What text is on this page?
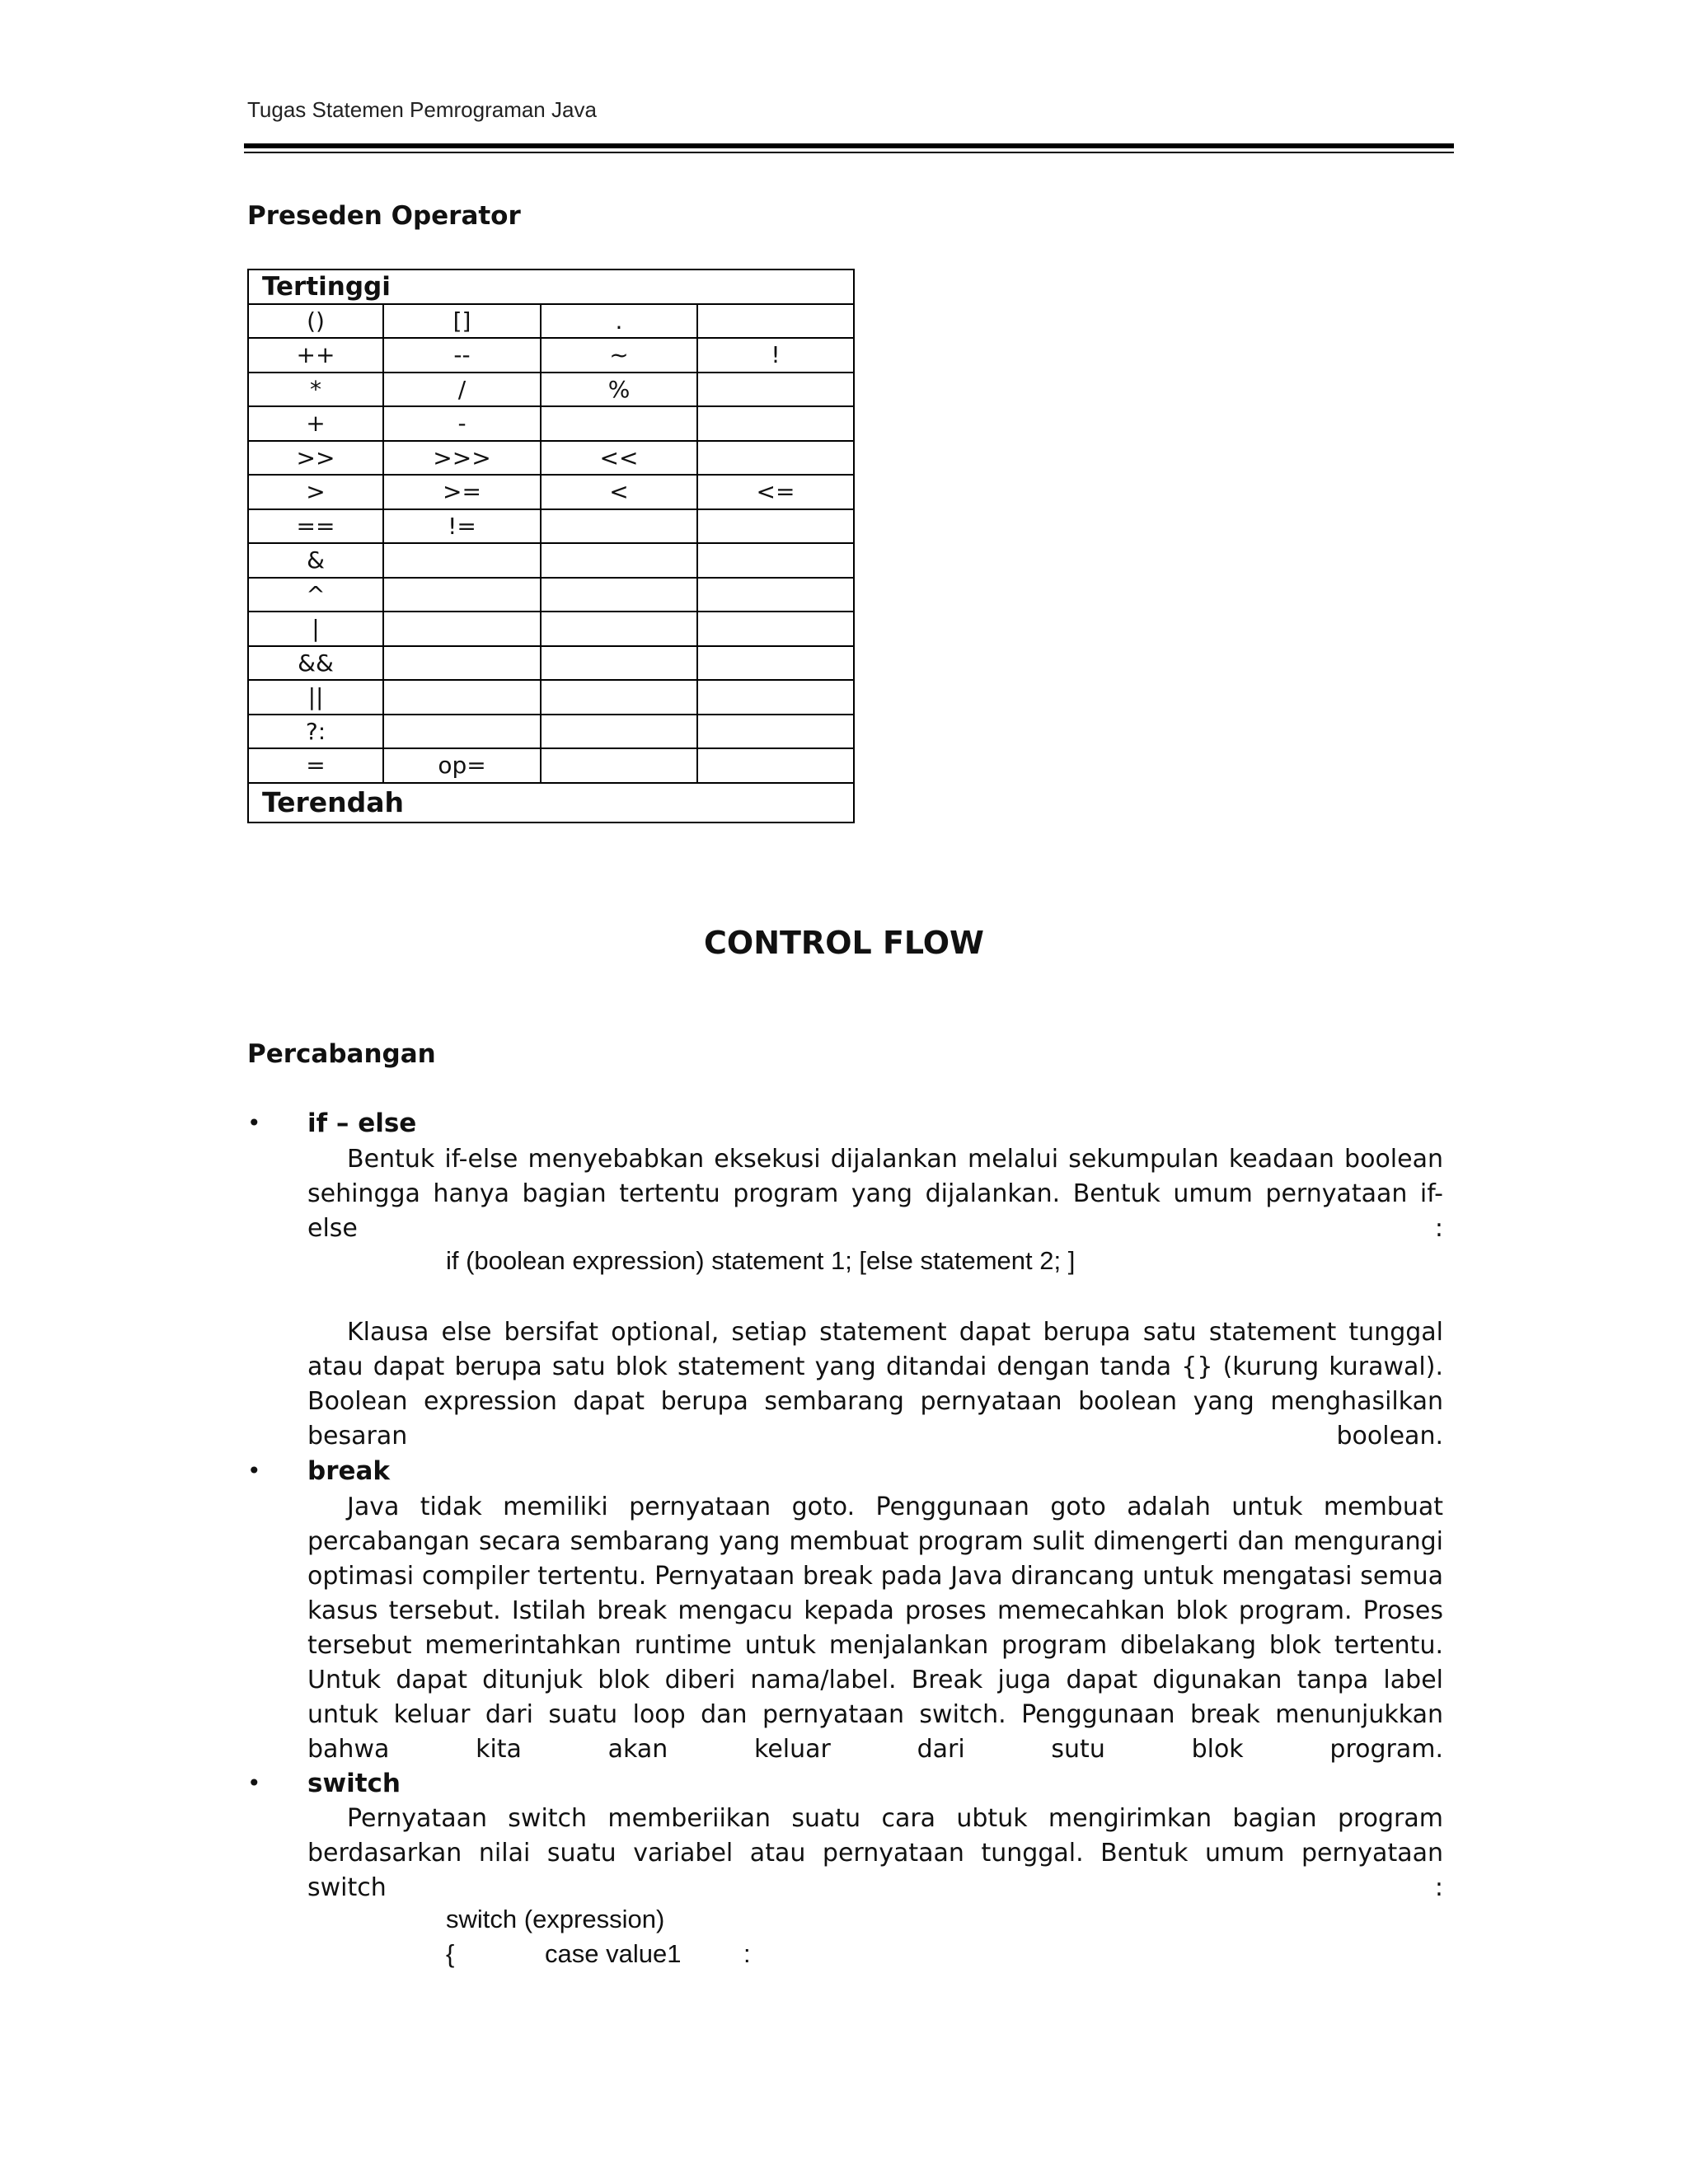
Tugas Statemen Pemrograman Java
Preseden Operator
Tertinggi			
()	[]	.	
++	--	~	!
*	/	%	
+	-		
>>	>>>	<<	
>	>=	<	<=
==	!=		
&			
^			
|			
&&			
||			
?:			
=	op=		
Terendah			
CONTROL FLOW
Percabangan
• if – else
Bentuk if-else menyebabkan eksekusi dijalankan melalui sekumpulan keadaan boolean sehingga hanya bagian tertentu program yang dijalankan. Bentuk umum pernyataan if-else :
if (boolean expression) statement 1; [else statement 2; ]
Klausa else bersifat optional, setiap statement dapat berupa satu statement tunggal atau dapat berupa satu blok statement yang ditandai dengan tanda {} (kurung kurawal). Boolean expression dapat berupa sembarang pernyataan boolean yang menghasilkan besaran boolean.
• break
Java tidak memiliki pernyataan goto. Penggunaan goto adalah untuk membuat percabangan secara sembarang yang membuat program sulit dimengerti dan mengurangi optimasi compiler tertentu. Pernyataan break pada Java dirancang untuk mengatasi semua kasus tersebut. Istilah break mengacu kepada proses memecahkan blok program. Proses tersebut memerintahkan runtime untuk menjalankan program dibelakang blok tertentu. Untuk dapat ditunjuk blok diberi nama/label. Break juga dapat digunakan tanpa label untuk keluar dari suatu loop dan pernyataan switch. Penggunaan break menunjukkan bahwa kita akan keluar dari sutu blok program.
• switch
Pernyataan switch memberiikan suatu cara ubtuk mengirimkan bagian program berdasarkan nilai suatu variabel atau pernyataan tunggal. Bentuk umum pernyataan switch        :
switch (expression)
{	case value1 :
